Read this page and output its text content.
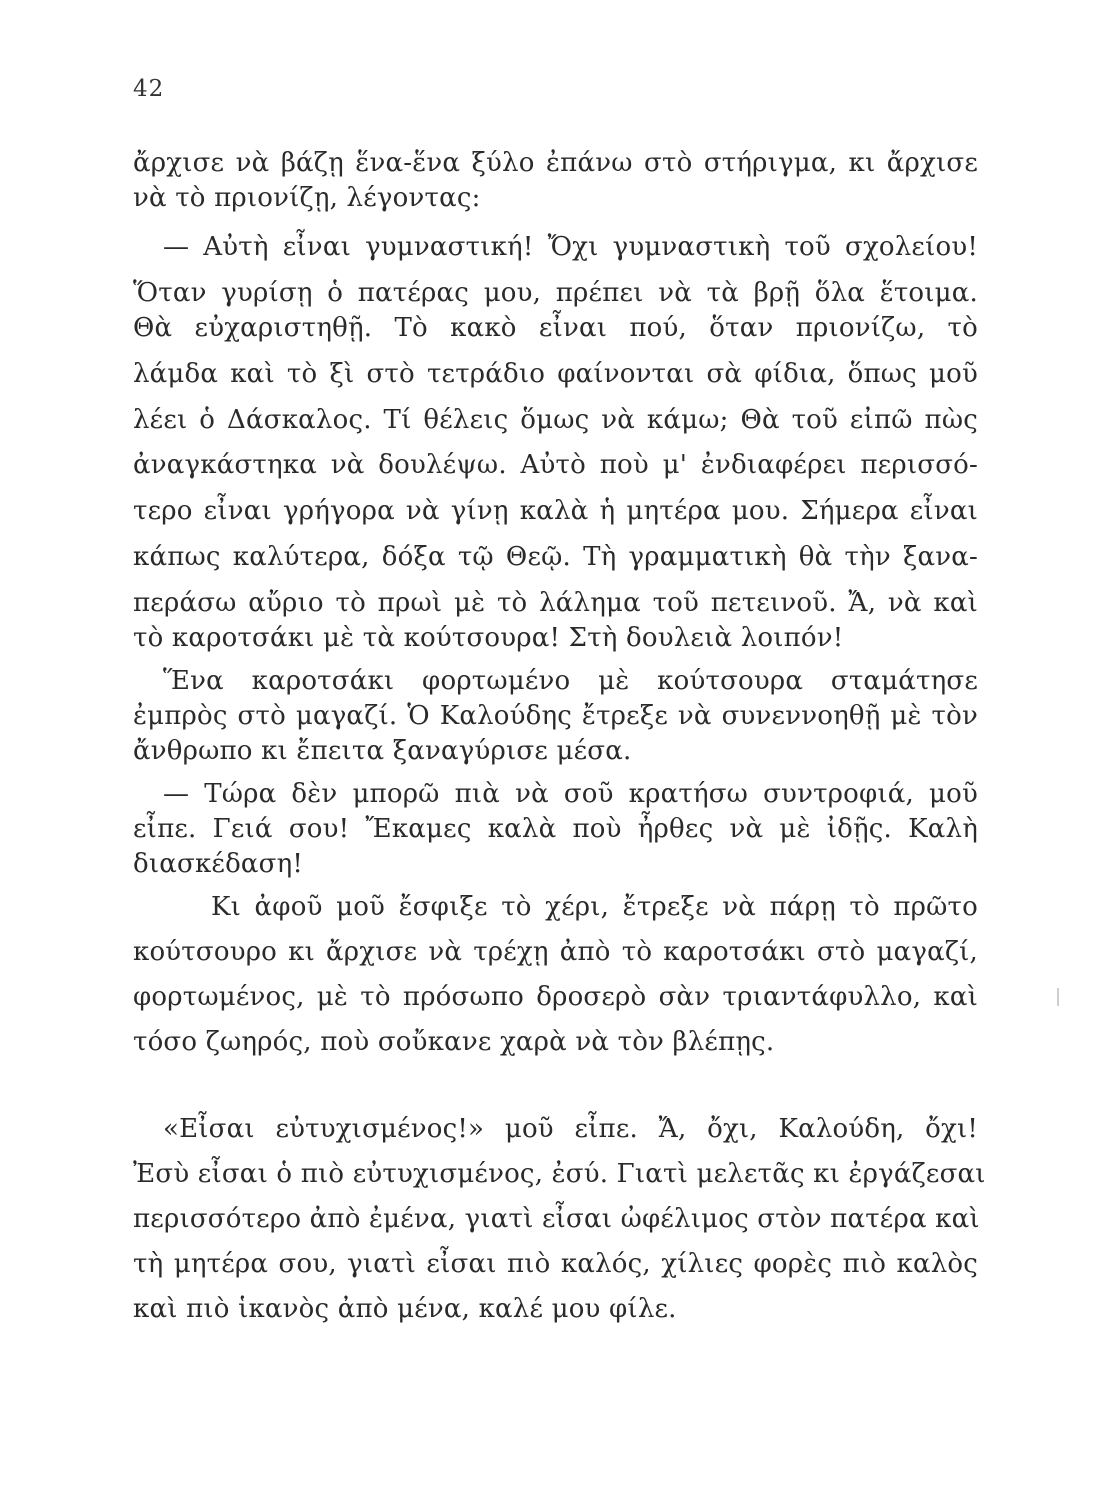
42
ἄρχισε νὰ βάζῃ ἕνα-ἕνα ξύλο ἐπάνω στὸ στήριγμα, κι ἄρχισε
νὰ τὸ πριονίζῃ, λέγοντας:
— Αὐτὴ εἶναι γυμναστική! Ὄχι γυμναστικὴ τοῦ σχολείου!
Ὅταν γυρίσῃ ὁ πατέρας μου, πρέπει νὰ τὰ βρῇ ὅλα ἕτοιμα.
Θὰ εὐχαριστηθῇ. Τὸ κακὸ εἶναι πού, ὅταν πριονίζω, τὸ
λάμδα καὶ τὸ ξὶ στὸ τετράδιο φαίνονται σὰ φίδια, ὅπως μοῦ
λέει ὁ Δάσκαλος. Τί θέλεις ὅμως νὰ κάμω; Θὰ τοῦ εἰπῶ πὼς
ἀναγκάστηκα νὰ δουλέψω. Αὐτὸ ποὺ μ' ἐνδιαφέρει περισσό-
τερο εἶναι γρήγορα νὰ γίνῃ καλὰ ἡ μητέρα μου. Σήμερα εἶναι
κάπως καλύτερα, δόξα τῷ Θεῷ. Τὴ γραμματικὴ θὰ τὴν ξανα-
περάσω αὔριο τὸ πρωὶ μὲ τὸ λάλημα τοῦ πετεινοῦ. Ἄ, νὰ καὶ
τὸ καροτσάκι μὲ τὰ κούτσουρα! Στὴ δουλειὰ λοιπόν!
Ἕνα καροτσάκι φορτωμένο μὲ κούτσουρα σταμάτησε
ἐμπρὸς στὸ μαγαζί. Ὁ Καλούδης ἔτρεξε νὰ συνεννοηθῇ μὲ τὸν
ἄνθρωπο κι ἔπειτα ξαναγύρισε μέσα.
— Τώρα δὲν μπορῶ πιὰ νὰ σοῦ κρατήσω συντροφιά, μοῦ
εἶπε. Γειά σου! Ἔκαμες καλὰ ποὺ ἦρθες νὰ μὲ ἰδῇς. Καλὴ
διασκέδαση!
Κι ἀφοῦ μοῦ ἔσφιξε τὸ χέρι, ἔτρεξε νὰ πάρῃ τὸ πρῶτο
κούτσουρο κι ἄρχισε νὰ τρέχῃ ἀπὸ τὸ καροτσάκι στὸ μαγαζί,
φορτωμένος, μὲ τὸ πρόσωπο δροσερὸ σὰν τριαντάφυλλο, καὶ
τόσο ζωηρός, ποὺ σοὔκανε χαρὰ νὰ τὸν βλέπῃς.
«Εἶσαι εὐτυχισμένος!» μοῦ εἶπε. Ἄ, ὄχι, Καλούδη, ὄχι!
Ἐσὺ εἶσαι ὁ πιὸ εὐτυχισμένος, ἐσύ. Γιατὶ μελετᾶς κι ἐργάζεσαι
περισσότερο ἀπὸ ἐμένα, γιατὶ εἶσαι ὠφέλιμος στὸν πατέρα καὶ
τὴ μητέρα σου, γιατὶ εἶσαι πιὸ καλός, χίλιες φορὲς πιὸ καλὸς
καὶ πιὸ ἱκανὸς ἀπὸ μένα, καλέ μου φίλε.
